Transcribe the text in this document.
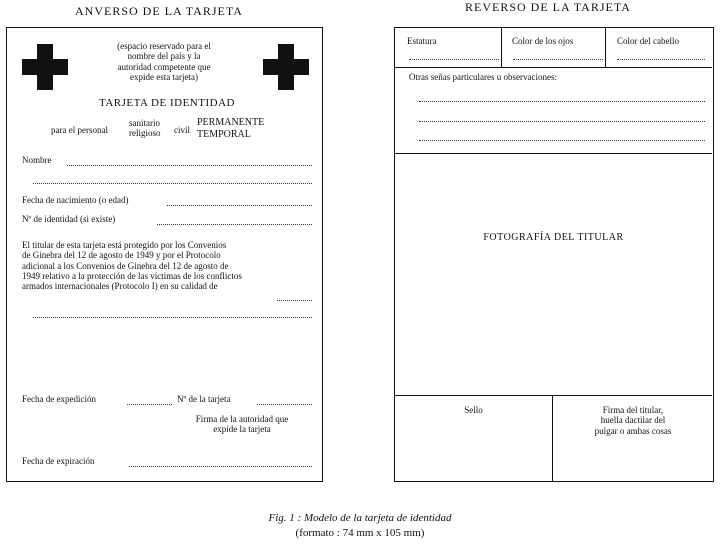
ANVERSO DE LA TARJETA
(espacio reservado para el
nombre del país y la
autoridad competente que
expide esta tarjeta)
TARJETA DE IDENTIDAD
para el personal
sanitario
religioso civil
PERMANENTE
TEMPORAL
Nombre
Fecha de nacimiento (o edad)
Nº de identidad (si existe)
El titular de esta tarjeta está protegido por los Convenios
de Ginebra del 12 de agosto de 1949 y por el Protocolo
adicional a los Convenios de Ginebra del 12 de agosto de
1949 relativo a la protección de las víctimas de los conflictos
armados internacionales (Protocolo I) en su calidad de
Fecha de expedición	Nº de la tarjeta
Firma de la autoridad que
expide la tarjeta
Fecha de expiración
REVERSO DE LA TARJETA
Estatura	Color de los ojos	Color del cabello
Otras señas particulares u observaciones:
FOTOGRAFÍA DEL TITULAR
Sello	Firma del titular,
huella dactilar del
pulgar o ambas cosas
Fig. 1 : Modelo de la tarjeta de identidad
(formato : 74 mm x 105 mm)
